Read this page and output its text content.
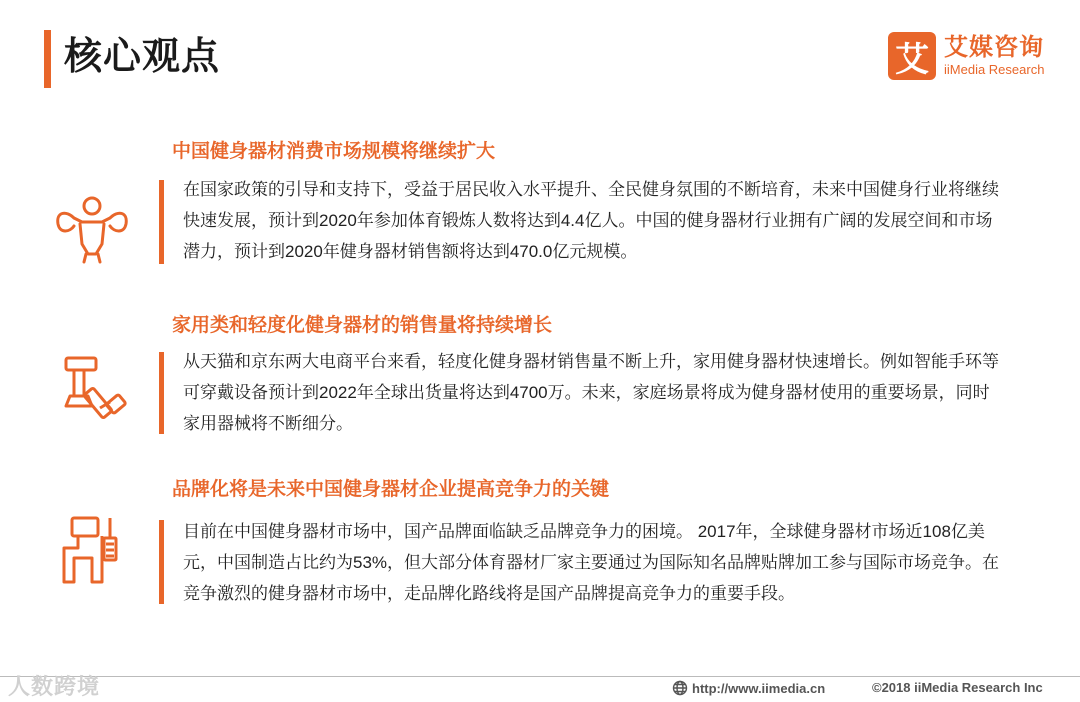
核心观点	艾 艾媒咨询
iiMedia Research
中国健身器材消费市场规模将继续扩大
在国家政策的引导和支持下，受益于居民收入水平提升、全民健身氛围的不断培育，未来中国健身行业将继续快速发展，预计到2020年参加体育锻炼人数将达到4.4亿人。中国的健身器材行业拥有广阔的发展空间和市场潜力，预计到2020年健身器材销售额将达到470.0亿元规模。
家用类和轻度化健身器材的销售量将持续增长
从天猫和京东两大电商平台来看，轻度化健身器材销售量不断上升，家用健身器材快速增长。例如智能手环等可穿戴设备预计到2022年全球出货量将达到4700万。未来，家庭场景将成为健身器材使用的重要场景，同时家用器械将不断细分。
品牌化将是未来中国健身器材企业提高竞争力的关键
目前在中国健身器材市场中，国产品牌面临缺乏品牌竞争力的困境。 2017年，全球健身器材市场近108亿美元，中国制造占比约为53%，但大部分体育器材厂家主要通过为国际知名品牌贴牌加工参与国际市场竞争。在竞争激烈的健身器材市场中，走品牌化路线将是国产品牌提高竞争力的重要手段。
人数跨境	http://www.iimedia.cn	©2018 iiMedia Research Inc
